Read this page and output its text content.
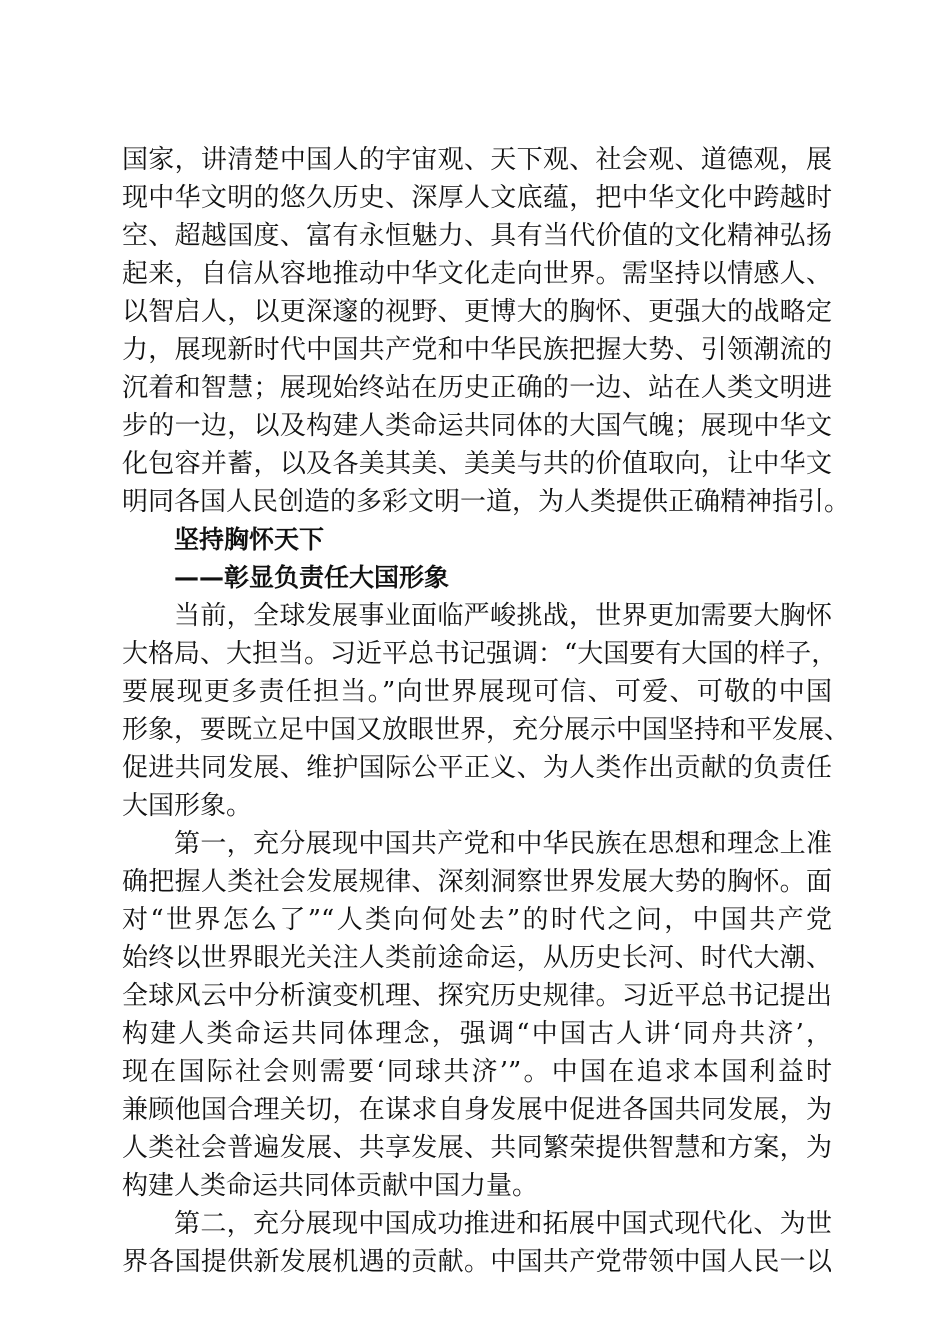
国家，讲清楚中国人的宇宙观、天下观、社会观、道德观，展
现中华文明的悠久历史、深厚人文底蕴，把中华文化中跨越时
空、超越国度、富有永恒魅力、具有当代价值的文化精神弘扬
起来，自信从容地推动中华文化走向世界。需坚持以情感人、
以智启人，以更深邃的视野、更博大的胸怀、更强大的战略定
力，展现新时代中国共产党和中华民族把握大势、引领潮流的
沉着和智慧；展现始终站在历史正确的一边、站在人类文明进
步的一边，以及构建人类命运共同体的大国气魄；展现中华文
化包容并蓄，以及各美其美、美美与共的价值取向，让中华文
明同各国人民创造的多彩文明一道，为人类提供正确精神指引。
坚持胸怀天下
——彰显负责任大国形象
当前，全球发展事业面临严峻挑战，世界更加需要大胸怀
大格局、大担当。习近平总书记强调：“大国要有大国的样子，
要展现更多责任担当。”向世界展现可信、可爱、可敬的中国
形象，要既立足中国又放眼世界，充分展示中国坚持和平发展、
促进共同发展、维护国际公平正义、为人类作出贡献的负责任
大国形象。
第一，充分展现中国共产党和中华民族在思想和理念上准
确把握人类社会发展规律、深刻洞察世界发展大势的胸怀。面
对“世界怎么了”“人类向何处去”的时代之问，中国共产党
始终以世界眼光关注人类前途命运，从历史长河、时代大潮、
全球风云中分析演变机理、探究历史规律。习近平总书记提出
构建人类命运共同体理念，强调“中国古人讲‘同舟共济’，
现在国际社会则需要‘同球共济’”。中国在追求本国利益时
兼顾他国合理关切，在谋求自身发展中促进各国共同发展，为
人类社会普遍发展、共享发展、共同繁荣提供智慧和方案，为
构建人类命运共同体贡献中国力量。
第二，充分展现中国成功推进和拓展中国式现代化、为世
界各国提供新发展机遇的贡献。中国共产党带领中国人民一以
